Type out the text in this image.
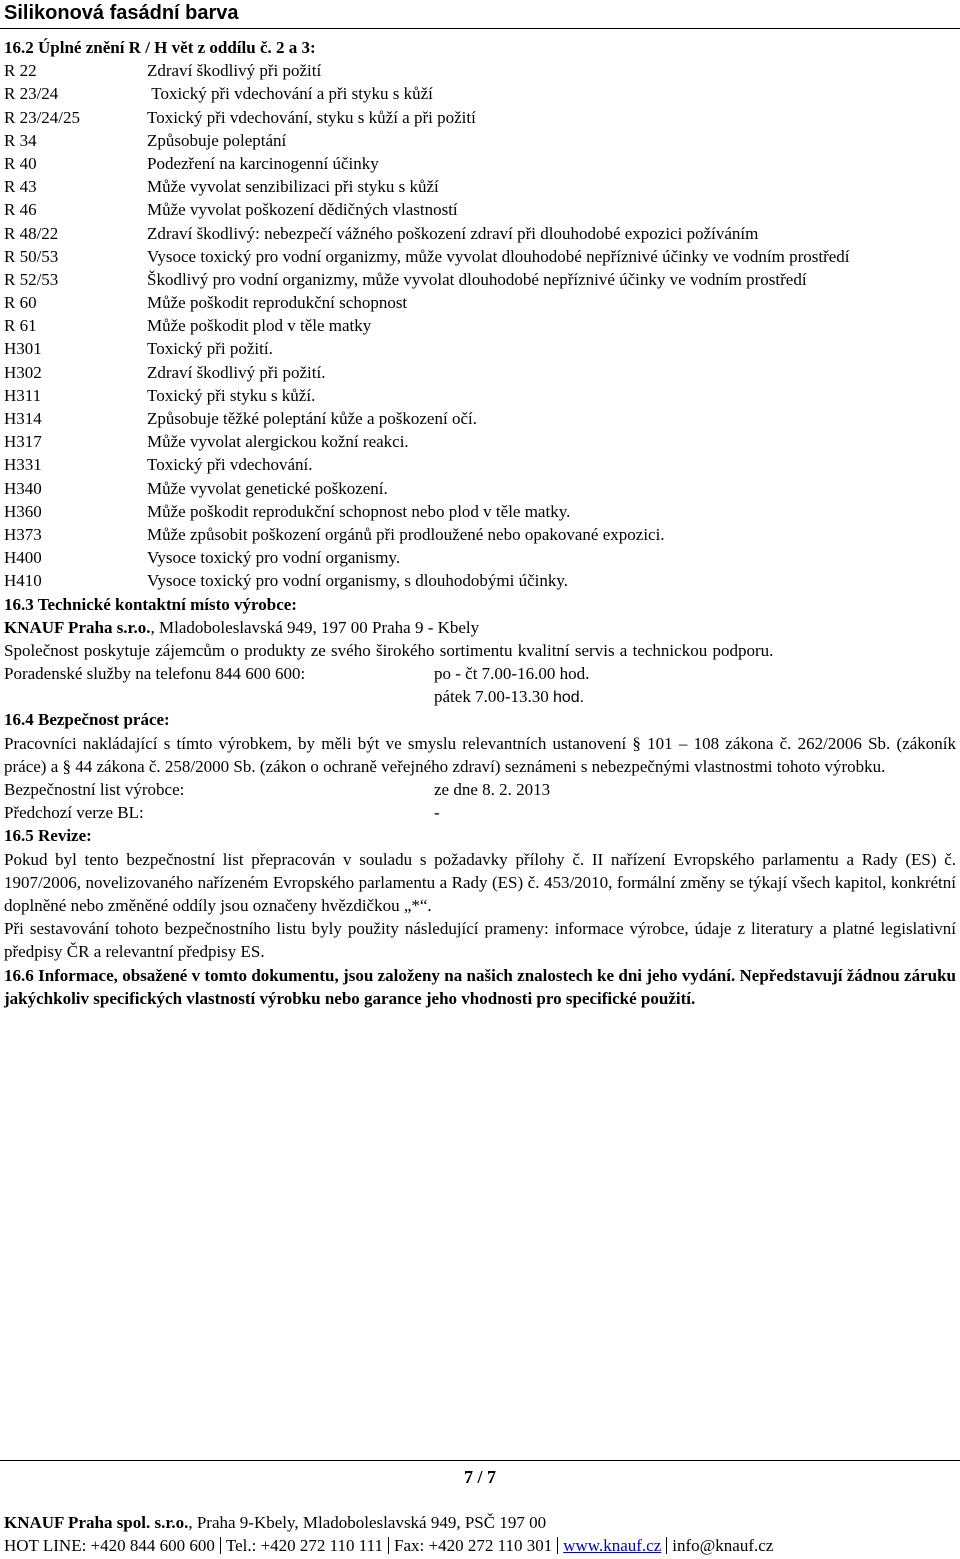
Silikonová fasádní barva
16.2 Úplné znění R / H vět z oddílu č. 2 a 3:
R 22	Zdraví škodlivý při požití
R 23/24	Toxický při vdechování a při styku s kůží
R 23/24/25	Toxický při vdechování, styku s kůží a při požití
R 34	Způsobuje poleptání
R 40	Podezření na karcinogenní účinky
R 43	Může vyvolat senzibilizaci při styku s kůží
R 46	Může vyvolat poškození dědičných vlastností
R 48/22	Zdraví škodlivý: nebezpečí vážného poškození zdraví při dlouhodobé expozici požíváním
R 50/53	Vysoce toxický pro vodní organizmy, může vyvolat dlouhodobé nepříznivé účinky ve vodním prostředí
R 52/53	Škodlivý pro vodní organizmy, může vyvolat dlouhodobé nepříznivé účinky ve vodním prostředí
R 60	Může poškodit reprodukční schopnost
R 61	Může poškodit plod v těle matky
H301	Toxický při požití.
H302	Zdraví škodlivý při požití.
H311	Toxický při styku s kůží.
H314	Způsobuje těžké poleptání kůže a poškození očí.
H317	Může vyvolat alergickou kožní reakci.
H331	Toxický při vdechování.
H340	Může vyvolat genetické poškození.
H360	Může poškodit reprodukční schopnost nebo plod v těle matky.
H373	Může způsobit poškození orgánů při prodloužené nebo opakované expozici.
H400	Vysoce toxický pro vodní organismy.
H410	Vysoce toxický pro vodní organismy, s dlouhodobými účinky.
16.3 Technické kontaktní místo výrobce:
KNAUF Praha s.r.o., Mladoboleslavská 949, 197 00 Praha 9 - Kbely
Společnost poskytuje zájemcům o produkty ze svého širokého sortimentu kvalitní servis a technickou podporu.
Poradenské služby na telefonu 844 600 600:	po - čt 7.00-16.00 hod.
pátek 7.00-13.30 hod.
16.4 Bezpečnost práce:
Pracovníci nakládající s tímto výrobkem, by měli být ve smyslu relevantních ustanovení § 101 – 108 zákona č. 262/2006 Sb. (zákoník práce) a § 44 zákona č. 258/2000 Sb. (zákon o ochraně veřejného zdraví) seznámeni s nebezpečnými vlastnostmi tohoto výrobku.
Bezpečnostní list výrobce:	ze dne 8. 2. 2013
Předchozí verze BL:	-
16.5 Revize:
Pokud byl tento bezpečnostní list přepracován v souladu s požadavky přílohy č. II nařízení Evropského parlamentu a Rady (ES) č. 1907/2006, novelizovaného nařízeném Evropského parlamentu a Rady (ES) č. 453/2010, formální změny se týkají všech kapitol, konkrétní doplněné nebo změněné oddíly jsou označeny hvězdičkou „*“.
Při sestavování tohoto bezpečnostního listu byly použity následující prameny: informace výrobce, údaje z literatury a platné legislativní předpisy ČR a relevantní předpisy ES.
16.6 Informace, obsažené v tomto dokumentu, jsou založeny na našich znalostech ke dni jeho vydání. Nepředstavují žádnou záruku jakýchkoliv specifických vlastností výrobku nebo garance jeho vhodnosti pro specifické použití.
7 / 7
KNAUF Praha spol. s.r.o., Praha 9-Kbely, Mladoboleslavská 949, PSČ 197 00
HOT LINE: +420 844 600 600 Tel.: +420 272 110 111 Fax: +420 272 110 301 www.knauf.cz info@knauf.cz
